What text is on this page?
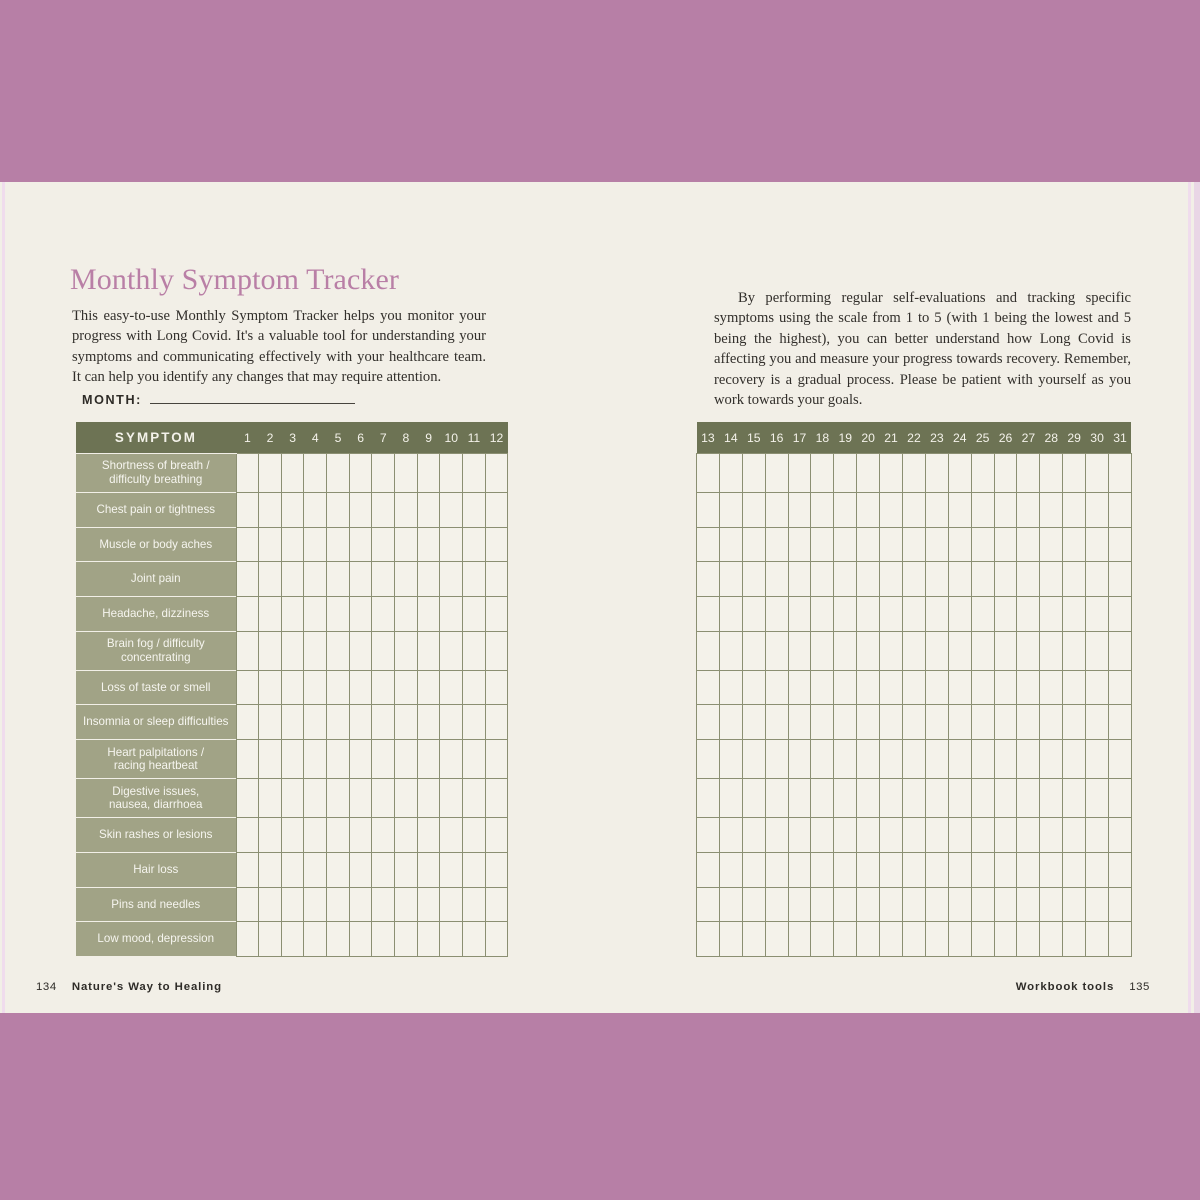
Monthly Symptom Tracker
This easy-to-use Monthly Symptom Tracker helps you monitor your progress with Long Covid. It's a valuable tool for understanding your symptoms and communicating effectively with your healthcare team. It can help you identify any changes that may require attention.
MONTH:
SYMPTOM	1	2	3	4	5	6	7	8	9	10	11	12
Shortness of breath /
difficulty breathing												

Chest pain or tightness												
Muscle or body aches												
Joint pain												
Headache, dizziness												
Brain fog / difficulty
concentrating												

Loss of taste or smell												
Insomnia or sleep difficulties												
Heart palpitations /
racing heartbeat												

Digestive issues,
nausea, diarrhoea												

Skin rashes or lesions												
Hair loss												
Pins and needles												
Low mood, depression												
134 Nature's Way to Healing
By performing regular self-evaluations and tracking specific symptoms using the scale from 1 to 5 (with 1 being the lowest and 5 being the highest), you can better understand how Long Covid is affecting you and measure your progress towards recovery. Remember, recovery is a gradual process. Please be patient with yourself as you work towards your goals.
13	14	15	16	17	18	19	20	21	22	23	24	25	26	27	28	29	30	31

Workbook tools 135
